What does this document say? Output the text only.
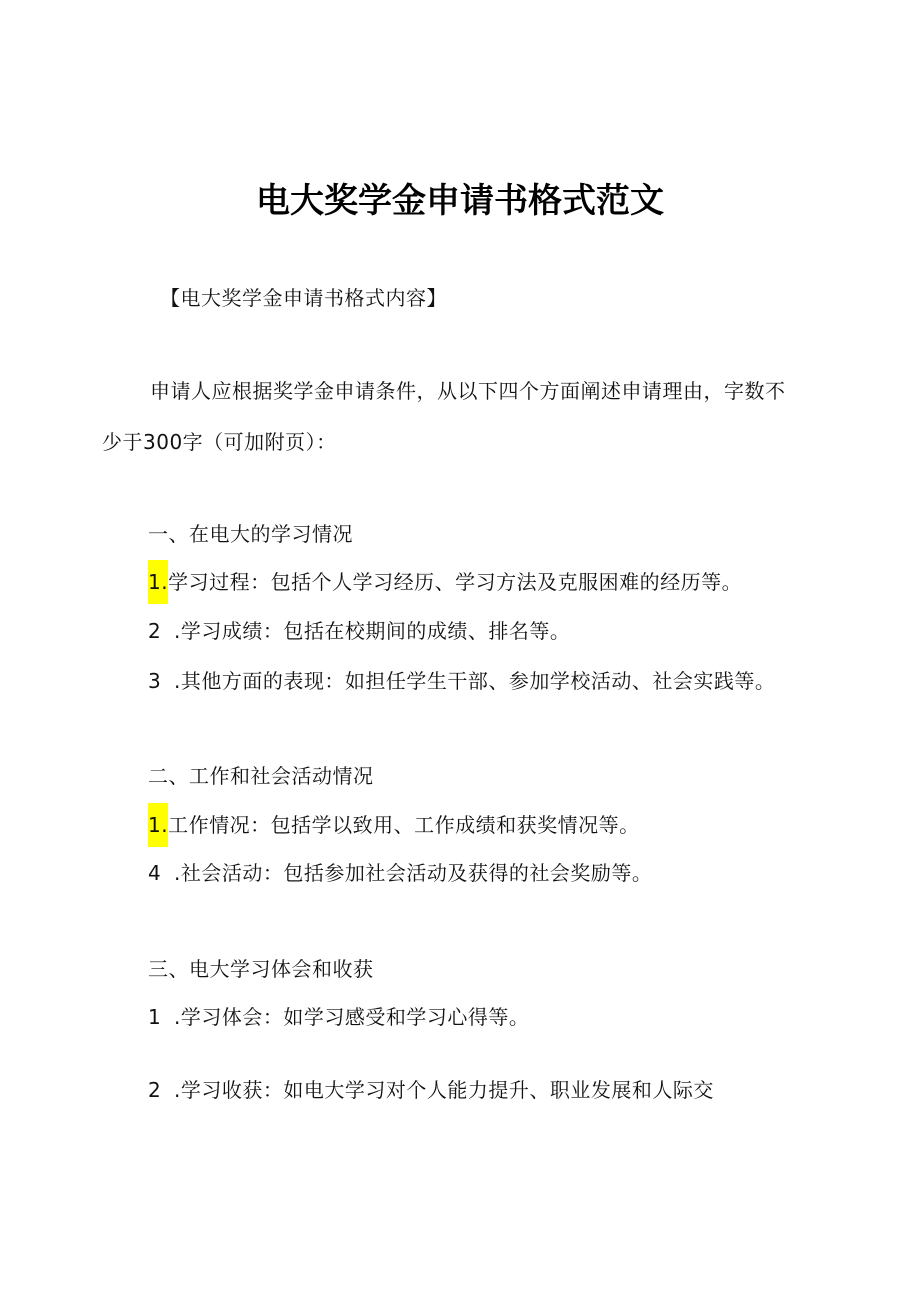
电大奖学金申请书格式范文
【电大奖学金申请书格式内容】
申请人应根据奖学金申请条件，从以下四个方面阐述申请理由，字数不
少于300字（可加附页）：
一、在电大的学习情况
1.学习过程：包括个人学习经历、学习方法及克服困难的经历等。
2 .学习成绩：包括在校期间的成绩、排名等。
3 .其他方面的表现：如担任学生干部、参加学校活动、社会实践等。
二、工作和社会活动情况
1.工作情况：包括学以致用、工作成绩和获奖情况等。
4 .社会活动：包括参加社会活动及获得的社会奖励等。
三、电大学习体会和收获
1 .学习体会：如学习感受和学习心得等。
2 .学习收获：如电大学习对个人能力提升、职业发展和人际交
